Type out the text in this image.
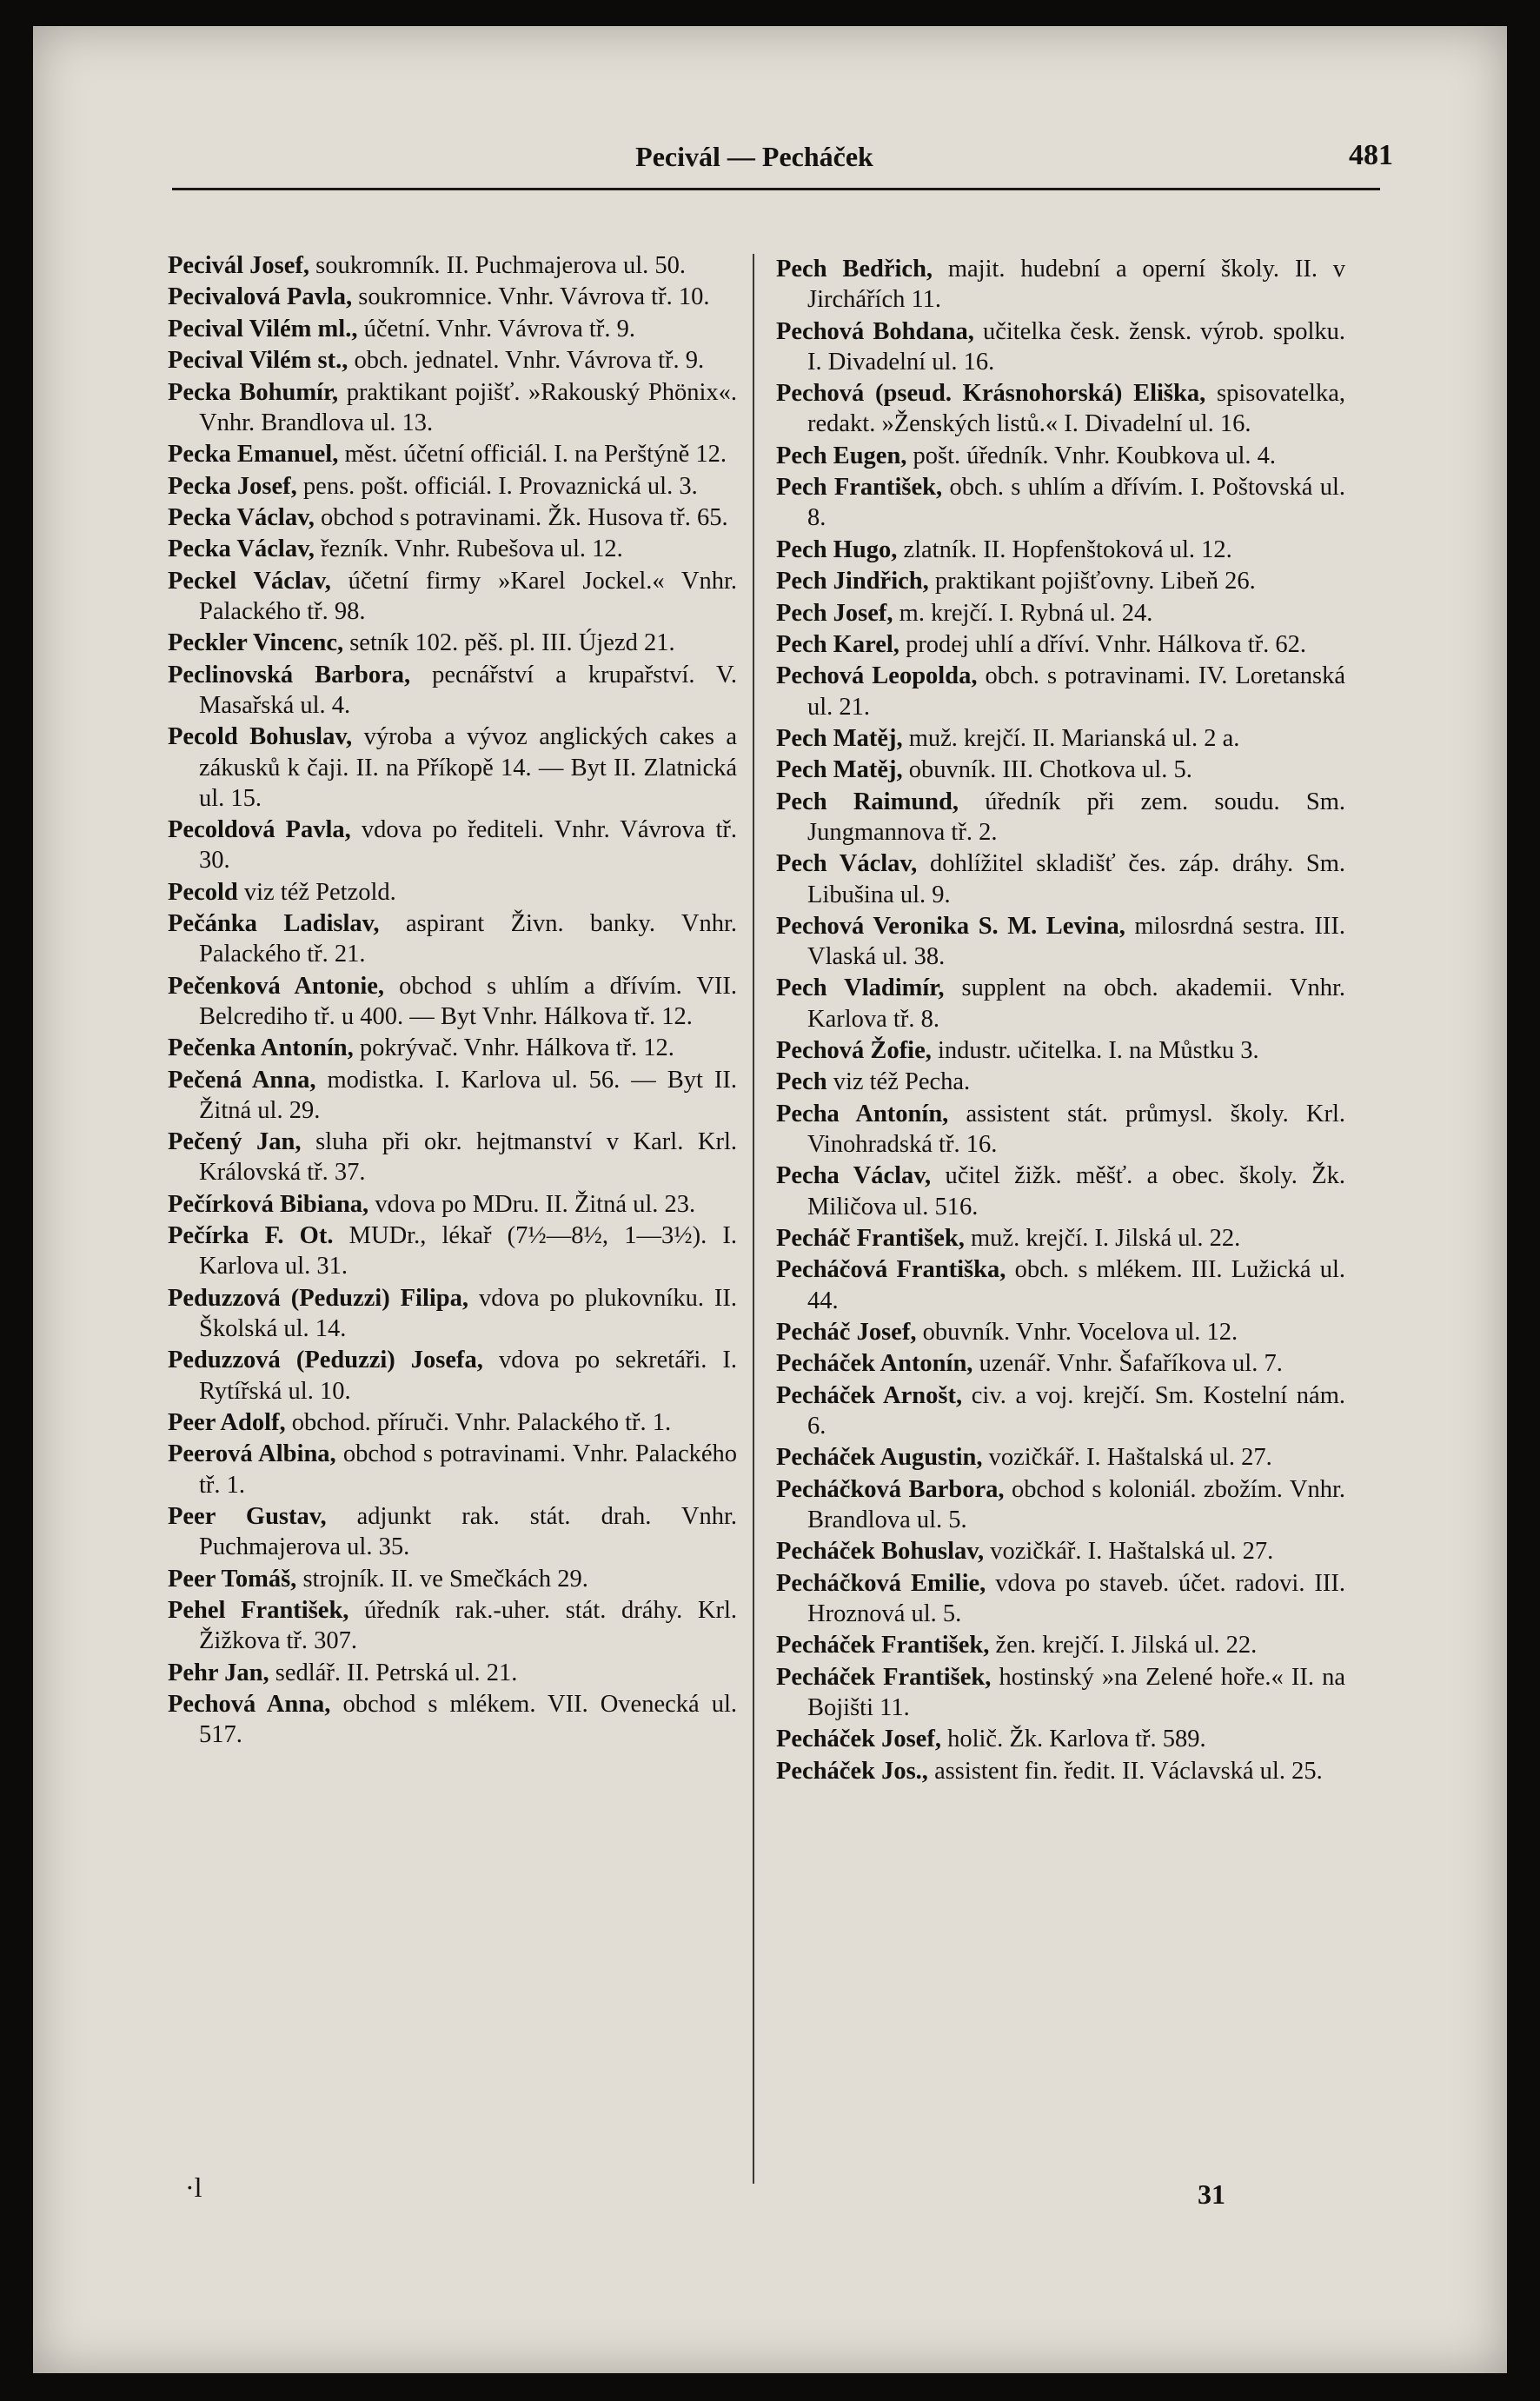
Pecivál — Pecháček	481
Pecivál Josef, soukromník. II. Puchmajerova ul. 50.
Pecivalová Pavla, soukromnice. Vnhr. Vávrova tř. 10.
Pecival Vilém ml., účetní. Vnhr. Vávrova tř. 9.
Pecival Vilém st., obch. jednatel. Vnhr. Vávrova tř. 9.
Pecka Bohumír, praktikant pojišť. »Rakouský Phönix«. Vnhr. Brandlova ul. 13.
Pecka Emanuel, měst. účetní officiál. I. na Perštýně 12.
Pecka Josef, pens. pošt. officiál. I. Provaznická ul. 3.
Pecka Václav, obchod s potravinami. Žk. Husova tř. 65.
Pecka Václav, řezník. Vnhr. Rubešova ul. 12.
Peckel Václav, účetní firmy »Karel Jockel.« Vnhr. Palackého tř. 98.
Peckler Vincenc, setník 102. pěš. pl. III. Újezd 21.
Peclinovská Barbora, pecnářství a krupařství. V. Masařská ul. 4.
Pecold Bohuslav, výroba a vývoz anglických cakes a zákusků k čaji. II. na Příkopě 14. — Byt II. Zlatnická ul. 15.
Pecoldová Pavla, vdova po řediteli. Vnhr. Vávrova tř. 30.
Pecold viz též Petzold.
Pečánka Ladislav, aspirant Živn. banky. Vnhr. Palackého tř. 21.
Pečenková Antonie, obchod s uhlím a dřívím. VII. Belcrediho tř. u 400. — Byt Vnhr. Hálkova tř. 12.
Pečenka Antonín, pokrývač. Vnhr. Hálkova tř. 12.
Pečená Anna, modistka. I. Karlova ul. 56. — Byt II. Žitná ul. 29.
Pečený Jan, sluha při okr. hejtmanství v Karl. Krl. Královská tř. 37.
Pečírková Bibiana, vdova po MDru. II. Žitná ul. 23.
Pečírka F. Ot. MUDr., lékař (7½—8½, 1—3½). I. Karlova ul. 31.
Peduzzová (Peduzzi) Filipa, vdova po plukovníku. II. Školská ul. 14.
Peduzzová (Peduzzi) Josefa, vdova po sekretáři. I. Rytířská ul. 10.
Peer Adolf, obchod. příruči. Vnhr. Palackého tř. 1.
Peerová Albina, obchod s potravinami. Vnhr. Palackého tř. 1.
Peer Gustav, adjunkt rak. stát. drah. Vnhr. Puchmajerova ul. 35.
Peer Tomáš, strojník. II. ve Smečkách 29.
Pehel František, úředník rak.-uher. stát. dráhy. Krl. Žižkova tř. 307.
Pehr Jan, sedlář. II. Petrská ul. 21.
Pechová Anna, obchod s mlékem. VII. Ovenecká ul. 517.
Pech Bedřich, majit. hudební a operní školy. II. v Jirchářích 11.
Pechová Bohdana, učitelka česk. žensk. výrob. spolku. I. Divadelní ul. 16.
Pechová (pseud. Krásnohorská) Eliška, spisovatelka, redakt. »Ženských listů.« I. Divadelní ul. 16.
Pech Eugen, pošt. úředník. Vnhr. Koubkova ul. 4.
Pech František, obch. s uhlím a dřívím. I. Poštovská ul. 8.
Pech Hugo, zlatník. II. Hopfenštoková ul. 12.
Pech Jindřich, praktikant pojišťovny. Libeň 26.
Pech Josef, m. krejčí. I. Rybná ul. 24.
Pech Karel, prodej uhlí a dříví. Vnhr. Hálkova tř. 62.
Pechová Leopolda, obch. s potravinami. IV. Loretanská ul. 21.
Pech Matěj, muž. krejčí. II. Marianská ul. 2 a.
Pech Matěj, obuvník. III. Chotkova ul. 5.
Pech Raimund, úředník při zem. soudu. Sm. Jungmannova tř. 2.
Pech Václav, dohlížitel skladišť čes. záp. dráhy. Sm. Libušina ul. 9.
Pechová Veronika S. M. Levina, milosrdná sestra. III. Vlaská ul. 38.
Pech Vladimír, supplent na obch. akademii. Vnhr. Karlova tř. 8.
Pechová Žofie, industr. učitelka. I. na Můstku 3.
Pech viz též Pecha.
Pecha Antonín, assistent stát. průmysl. školy. Krl. Vinohradská tř. 16.
Pecha Václav, učitel žižk. měšť. a obec. školy. Žk. Miličova ul. 516.
Pecháč František, muž. krejčí. I. Jilská ul. 22.
Pecháčová Františka, obch. s mlékem. III. Lužická ul. 44.
Pecháč Josef, obuvník. Vnhr. Vocelova ul. 12.
Pecháček Antonín, uzenář. Vnhr. Šafaříkova ul. 7.
Pecháček Arnošt, civ. a voj. krejčí. Sm. Kostelní nám. 6.
Pecháček Augustin, vozičkář. I. Haštalská ul. 27.
Pecháčková Barbora, obchod s koloniál. zbožím. Vnhr. Brandlova ul. 5.
Pecháček Bohuslav, vozičkář. I. Haštalská ul. 27.
Pecháčková Emilie, vdova po staveb. účet. radovi. III. Hroznová ul. 5.
Pecháček František, žen. krejčí. I. Jilská ul. 22.
Pecháček František, hostinský »na Zelené hoře.« II. na Bojišti 11.
Pecháček Josef, holič. Žk. Karlova tř. 589.
Pecháček Jos., assistent fin. ředit. II. Václavská ul. 25.
·l	31
